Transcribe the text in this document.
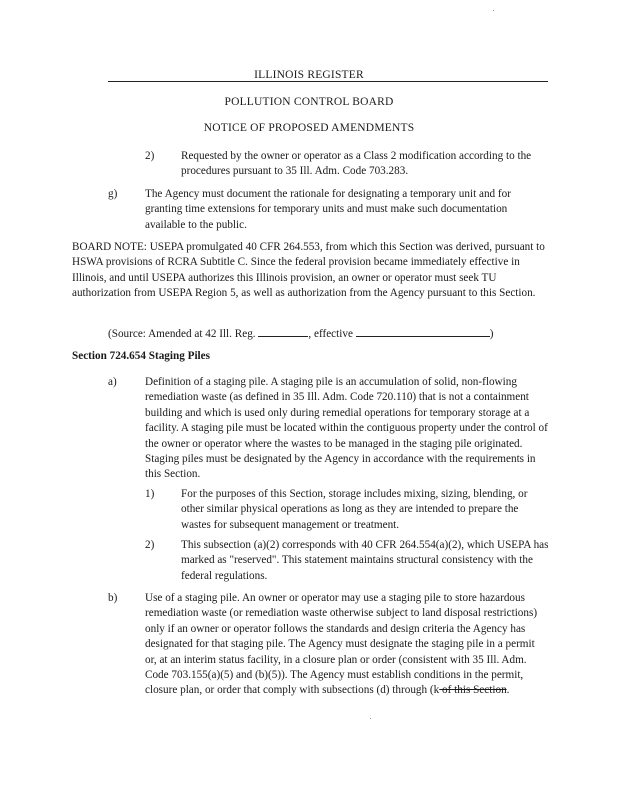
ILLINOIS REGISTER
POLLUTION CONTROL BOARD
NOTICE OF PROPOSED AMENDMENTS
2) Requested by the owner or operator as a Class 2 modification according to the procedures pursuant to 35 Ill. Adm. Code 703.283.
g) The Agency must document the rationale for designating a temporary unit and for granting time extensions for temporary units and must make such documentation available to the public.
BOARD NOTE: USEPA promulgated 40 CFR 264.553, from which this Section was derived, pursuant to HSWA provisions of RCRA Subtitle C. Since the federal provision became immediately effective in Illinois, and until USEPA authorizes this Illinois provision, an owner or operator must seek TU authorization from USEPA Region 5, as well as authorization from the Agency pursuant to this Section.
(Source: Amended at 42 Ill. Reg.	, effective	)
Section 724.654 Staging Piles
a)	Definition of a staging pile. A staging pile is an accumulation of solid, non-flowing remediation waste (as defined in 35 Ill. Adm. Code 720.110) that is not a containment building and which is used only during remedial operations for temporary storage at a facility. A staging pile must be located within the contiguous property under the control of the owner or operator where the wastes to be managed in the staging pile originated. Staging piles must be designated by the Agency in accordance with the requirements in this Section.
1) For the purposes of this Section, storage includes mixing, sizing, blending, or other similar physical operations as long as they are intended to prepare the wastes for subsequent management or treatment.
2) This subsection (a)(2) corresponds with 40 CFR 264.554(a)(2), which USEPA has marked as "reserved". This statement maintains structural consistency with the federal regulations.
b) Use of a staging pile. An owner or operator may use a staging pile to store hazardous remediation waste (or remediation waste otherwise subject to land disposal restrictions) only if an owner or operator follows the standards and design criteria the Agency has designated for that staging pile. The Agency must designate the staging pile in a permit or, at an interim status facility, in a closure plan or order (consistent with 35 Ill. Adm. Code 703.155(a)(5) and (b)(5)). The Agency must establish conditions in the permit, closure plan, or order that comply with subsections (d) through (k of this Section.
